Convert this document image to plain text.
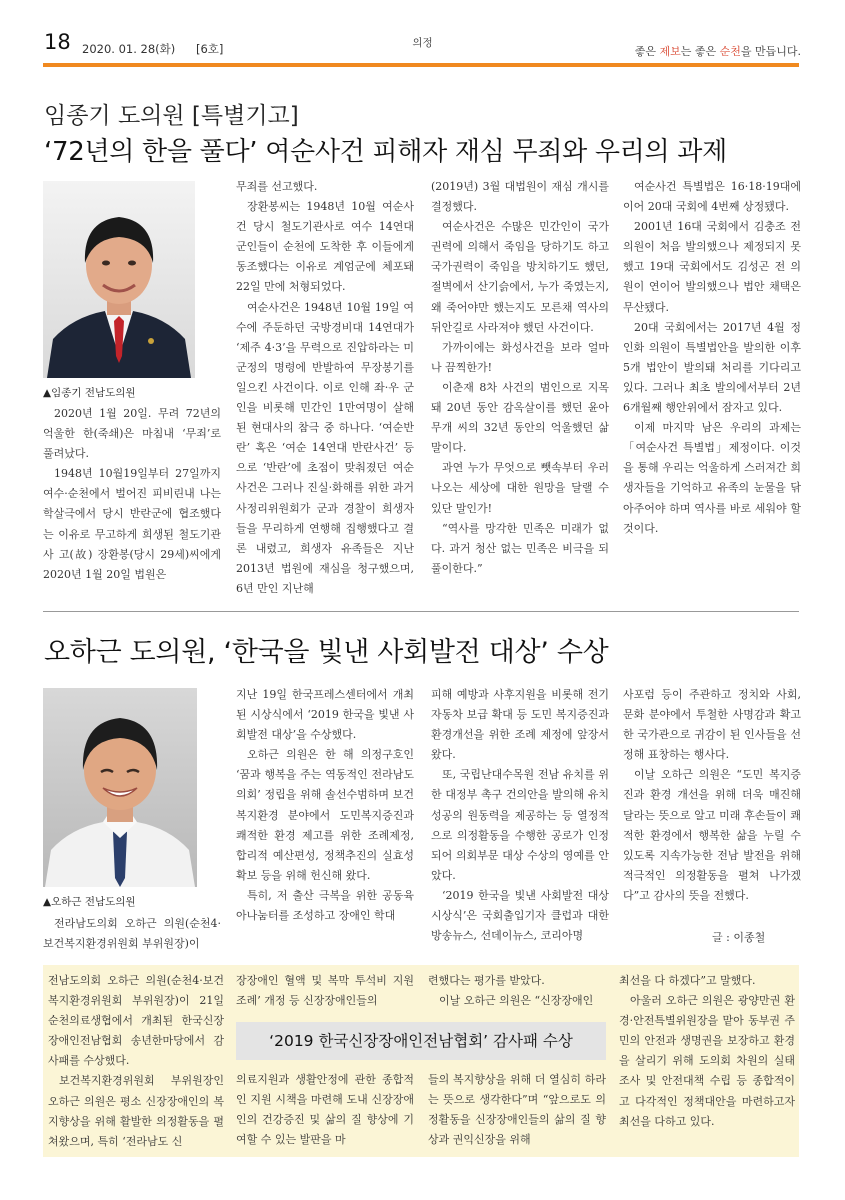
18 2020. 01. 28(화) [6호]	의정
좋은 제보는 좋은 순천을 만듭니다.
임종기 도의원 [특별기고]
‘72년의 한을 풀다’ 여순사건 피해자 재심 무죄와 우리의 과제
▲임종기 전남도의원

2020년 1월 20일. 무려 72년의 억울한 한(죽쇄)은 마침내 ‘무죄’로 풀려났다.

1948년 10월19일부터 27일까지 여수·순천에서 벌어진 피비린내 나는 학살극에서 당시 반란군에 협조했다는 이유로 무고하게 희생된 철도기관사 고(故) 장환봉(당시 29세)씨에게 2020년 1월 20일 법원은

무죄를 선고했다.

장환봉씨는 1948년 10월 여순사건 당시 철도기관사로 여수 14연대 군인들이 순천에 도착한 후 이들에게 동조했다는 이유로 계엄군에 체포돼 22일 만에 처형되었다.

여순사건은 1948년 10월 19일 여수에 주둔하던 국방경비대 14연대가 ‘제주 4·3’을 무력으로 진압하라는 미 군정의 명령에 반발하여 무장봉기를 일으킨 사건이다. 이로 인해 좌·우 군인을 비롯해 민간인 1만여명이 살해된 현대사의 참극 중 하나다. ‘여순반란’ 혹은 ‘여순 14연대 반란사건’ 등으로 ‘반란’에 초점이 맞춰졌던 여순사건은 그러나 진실·화해를 위한 과거사정리위원회가 군과 경찰이 희생자들을 무리하게 연행해 집행했다고 결론 내렸고, 희생자 유족들은 지난 2013년 법원에 재심을 청구했으며, 6년 만인 지난해

(2019년) 3월 대법원이 재심 개시를 결정했다.

여순사건은 수많은 민간인이 국가권력에 의해서 죽임을 당하기도 하고 국가권력이 죽임을 방치하기도 했던, 절벽에서 산기슭에서, 누가 죽였는지, 왜 죽어야만 했는지도 모른채 역사의 뒤안길로 사라져야 했던 사건이다.

가까이에는 화성사건을 보라 얼마나 끔찍한가!

이춘재 8차 사건의 범인으로 지목돼 20년 동안 감옥살이를 했던 윤아무개 씨의 32년 동안의 억울했던 삶 말이다.

과연 누가 무엇으로 뺏속부터 우러나오는 세상에 대한 원망을 달랠 수 있단 말인가!

“역사를 망각한 민족은 미래가 없다. 과거 청산 없는 민족은 비극을 되풀이한다.”

여순사건 특별법은 16·18·19대에 이어 20대 국회에 4번째 상정됐다.

2001년 16대 국회에서 김충조 전 의원이 처음 발의했으나 제정되지 못했고 19대 국회에서도 김성곤 전 의원이 연이어 발의했으나 법안 채택은 무산됐다.

20대 국회에서는 2017년 4월 정인화 의원이 특별법안을 발의한 이후 5개 법안이 발의돼 처리를 기다리고 있다. 그러나 최초 발의에서부터 2년 6개월째 행안위에서 잠자고 있다.

이제 마지막 남은 우리의 과제는「여순사건 특별법」제정이다. 이것을 통해 우리는 억울하게 스러져간 희생자들을 기억하고 유족의 눈물을 닦아주어야 하며 역사를 바로 세워야 할 것이다.

오하근 도의원, ‘한국을 빛낸 사회발전 대상’ 수상
▲오하근 전남도의원

전라남도의회 오하근 의원(순천4·보건복지환경위원회 부위원장)이

지난 19일 한국프레스센터에서 개최된 시상식에서 ‘2019 한국을 빛낸 사회발전 대상’을 수상했다.

오하근 의원은 한 해 의정구호인 ‘꿈과 행복을 주는 역동적인 전라남도의회’ 정립을 위해 솔선수범하며 보건복지환경 분야에서 도민복지증진과 쾌적한 환경 제고를 위한 조례제정, 합리적 예산편성, 정책추진의 실효성 확보 등을 위해 헌신해 왔다.

특히, 저 출산 극복을 위한 공동육아나눔터를 조성하고 장애인 학대

피해 예방과 사후지원을 비롯해 전기자동차 보급 확대 등 도민 복지증진과 환경개선을 위한 조례 제정에 앞장서 왔다.

또, 국립난대수목원 전남 유치를 위한 대정부 촉구 건의안을 발의해 유치 성공의 원동력을 제공하는 등 열정적으로 의정활동을 수행한 공로가 인정되어 의회부문 대상 수상의 영예를 안았다.

‘2019 한국을 빛낸 사회발전 대상 시상식’은 국회출입기자 클럽과 대한방송뉴스, 선데이뉴스, 코리아명

사포럼 등이 주관하고 정치와 사회, 문화 분야에서 투철한 사명감과 확고한 국가관으로 귀감이 된 인사들을 선정해 표창하는 행사다.

이날 오하근 의원은 “도민 복지증진과 환경 개선을 위해 더욱 매진해 달라는 뜻으로 알고 미래 후손들이 쾌적한 환경에서 행복한 삶을 누릴 수 있도록 지속가능한 전남 발전을 위해 적극적인 의정활동을 펼쳐 나가겠다”고 감사의 뜻을 전했다.

글 : 이종철
‘2019 한국신장장애인전남협회’ 감사패 수상

전남도의회 오하근 의원(순천4·보건복지환경위원회 부위원장)이 21일 순천의료생협에서 개최된 한국신장장애인전남협회 송년한마당에서 감사패를 수상했다.

보건복지환경위원회 부위원장인 오하근 의원은 평소 신장장애인의 복지향상을 위해 활발한 의정활동을 펼쳐왔으며, 특히 ‘전라남도 신

장장애인 혈액 및 복막 투석비 지원 조례’ 개정 등 신장장애인들의

의료지원과 생활안정에 관한 종합적인 지원 시책을 마련해 도내 신장장애인의 건강증진 및 삶의 질 향상에 기여할 수 있는 발판을 마

련했다는 평가를 받았다.

이날 오하근 의원은 “신장장애인

들의 복지향상을 위해 더 열심히 하라는 뜻으로 생각한다”며 “앞으로도 의정활동을 신장장애인들의 삶의 질 향상과 권익신장을 위해

최선을 다 하겠다”고 말했다.

아울러 오하근 의원은 광양만권 환경·안전특별위원장을 맡아 동부권 주민의 안전과 생명권을 보장하고 환경을 살리기 위해 도의회 차원의 실태조사 및 안전대책 수립 등 종합적이고 다각적인 정책대안을 마련하고자 최선을 다하고 있다.
